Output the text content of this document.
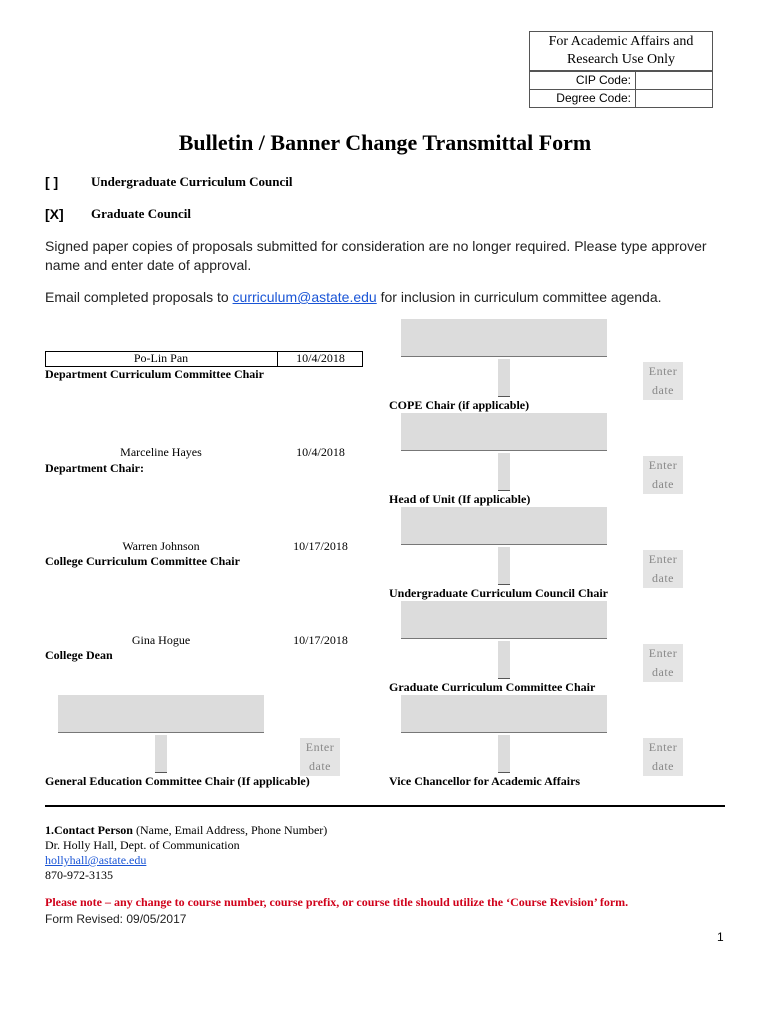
For Academic Affairs and Research Use Only
CIP Code:
Degree Code:
Bulletin / Banner Change Transmittal Form
[ ]	Undergraduate Curriculum Council
[X]	Graduate Council
Signed paper copies of proposals submitted for consideration are no longer required. Please type approver name and enter date of approval.
Email completed proposals to curriculum@astate.edu for inclusion in curriculum committee agenda.
Po-Lin Pan	10/4/2018
Department Curriculum Committee Chair
Marceline Hayes	10/4/2018
Department Chair:
Warren Johnson	10/17/2018
College Curriculum Committee Chair
Gina Hogue	10/17/2018
College Dean
Enter
date
General Education Committee Chair (If applicable)
Enter
date
COPE Chair (if applicable)
Enter
date
Head of Unit (If applicable)
Enter
date
Undergraduate Curriculum Council Chair
Enter
date
Graduate Curriculum Committee Chair
Enter
date
Vice Chancellor for Academic Affairs
1.Contact Person (Name, Email Address, Phone Number)
Dr. Holly Hall, Dept. of Communication
hollyhall@astate.edu
870-972-3135
Please note – any change to course number, course prefix, or course title should utilize the ‘Course Revision’ form.
Form Revised: 09/05/2017
1
